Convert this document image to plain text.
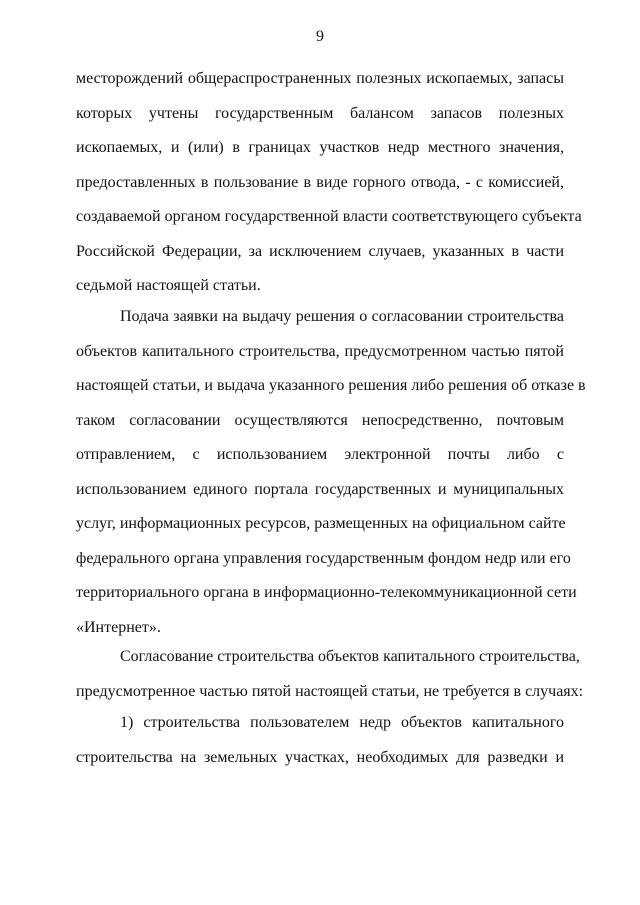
9
месторождений общераспространенных полезных ископаемых, запасы
которых учтены государственным балансом запасов полезных
ископаемых, и (или) в границах участков недр местного значения,
предоставленных в пользование в виде горного отвода, - с комиссией,
создаваемой органом государственной власти соответствующего субъекта
Российской Федерации, за исключением случаев, указанных в части
седьмой настоящей статьи.
Подача заявки на выдачу решения о согласовании строительства
объектов капитального строительства, предусмотренном частью пятой
настоящей статьи, и выдача указанного решения либо решения об отказе в
таком согласовании осуществляются непосредственно, почтовым
отправлением, с использованием электронной почты либо с
использованием единого портала государственных и муниципальных
услуг, информационных ресурсов, размещенных на официальном сайте
федерального органа управления государственным фондом недр или его
территориального органа в информационно-телекоммуникационной сети
«Интернет».
Согласование строительства объектов капитального строительства,
предусмотренное частью пятой настоящей статьи, не требуется в случаях:
1) строительства пользователем недр объектов капитального
строительства на земельных участках, необходимых для разведки и
